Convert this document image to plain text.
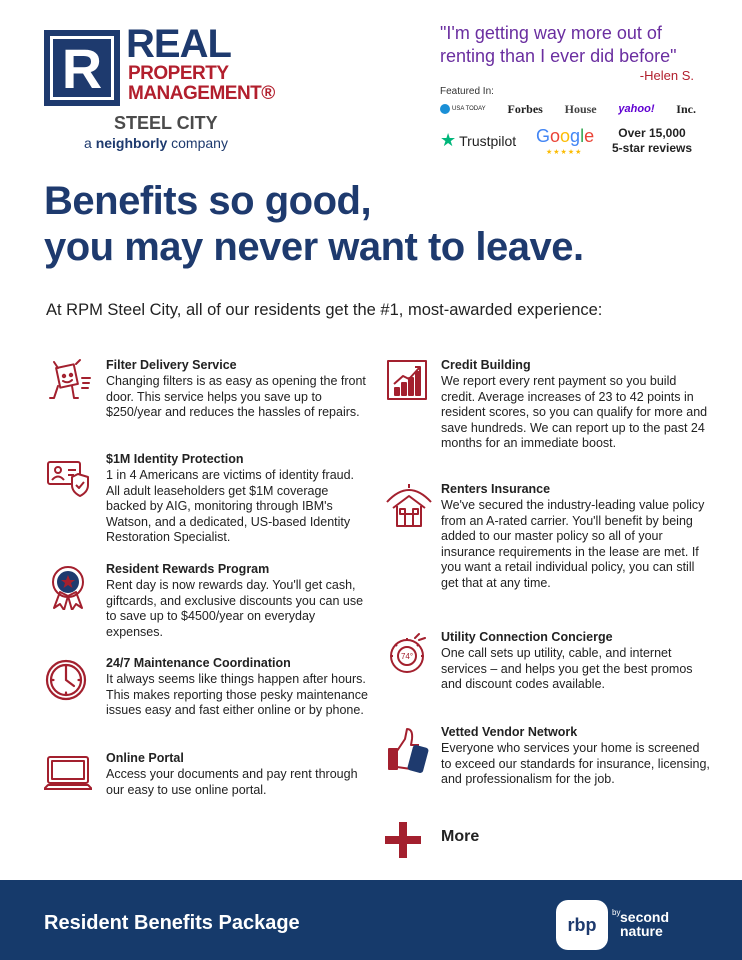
R REAL
PROPERTY
MANAGEMENT®
STEEL CITY
a neighborly company
"I'm getting way more out of renting than I ever did before"
-Helen S.
Featured In:
USA TODAY Forbes House yahoo! Inc.
★ Trustpilot Google
★★★★★
Over 15,000
5-star reviews
Benefits so good,
you may never want to leave.
At RPM Steel City, all of our residents get the #1, most-awarded experience:
Filter Delivery Service
Changing filters is as easy as opening the front door. This service helps you save up to $250/year and reduces the hassles of repairs.
$1M Identity Protection
1 in 4 Americans are victims of identity fraud. All adult leaseholders get $1M coverage backed by AIG, monitoring through IBM's Watson, and a dedicated, US-based Identity Restoration Specialist.
Resident Rewards Program
Rent day is now rewards day. You'll get cash, giftcards, and exclusive discounts you can use to save up to $4500/year on everyday expenses.
24/7 Maintenance Coordination
It always seems like things happen after hours. This makes reporting those pesky maintenance issues easy and fast either online or by phone.
Online Portal
Access your documents and pay rent through our easy to use online portal.
Credit Building
We report every rent payment so you build credit. Average increases of 23 to 42 points in resident scores, so you can qualify for more and save hundreds. We can report up to the past 24 months for an immediate boost.
Renters Insurance
We've secured the industry-leading value policy from an A-rated carrier. You'll benefit by being added to our master policy so all of your insurance requirements in the lease are met. If you want a retail individual policy, you can still get that at any time.
74°
Utility Connection Concierge
One call sets up utility, cable, and internet services – and helps you get the best promos and discount codes available.
Vetted Vendor Network
Everyone who services your home is screened to exceed our standards for insurance, licensing, and professionalism for the job.
More
Resident Benefits Package	rbp
by second nature
